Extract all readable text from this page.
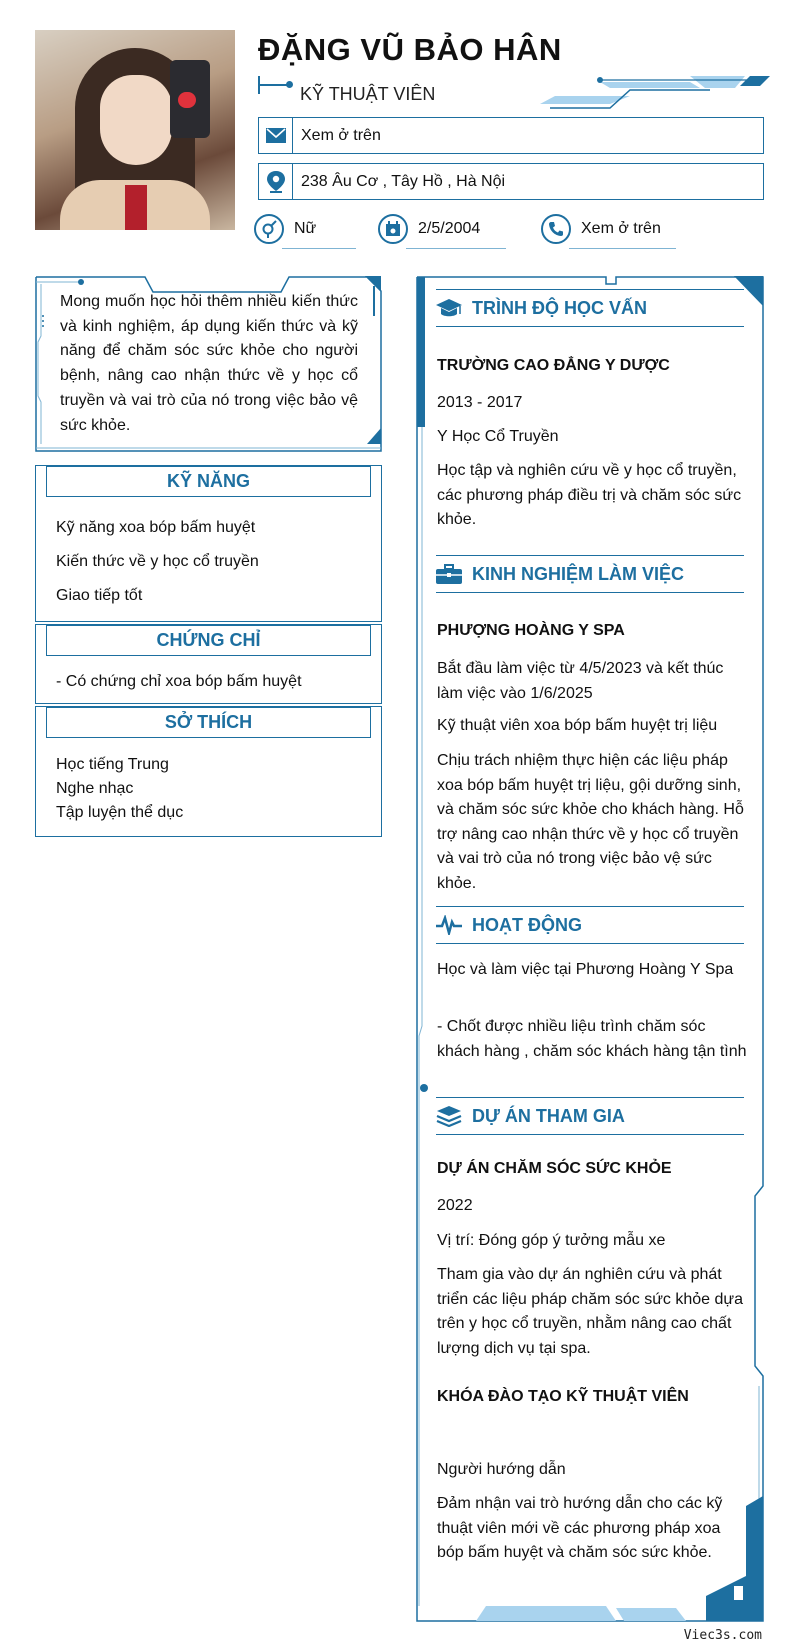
ĐẶNG VŨ BẢO HÂN
KỸ THUẬT VIÊN
Xem ở trên
238 Âu Cơ , Tây Hồ , Hà Nội
Nữ	2/5/2004	Xem ở trên
Mong muốn học hỏi thêm nhiều kiến thức và kinh nghiệm, áp dụng kiến thức và kỹ năng để chăm sóc sức khỏe cho người bệnh, nâng cao nhận thức về y học cổ truyền và vai trò của nó trong việc bảo vệ sức khỏe.
KỸ NĂNG
Kỹ năng xoa bóp bấm huyệt
Kiến thức về y học cổ truyền
Giao tiếp tốt
CHỨNG CHỈ
- Có chứng chỉ xoa bóp bấm huyệt
SỞ THÍCH
Học tiếng Trung
Nghe nhạc
Tập luyện thể dục
TRÌNH ĐỘ HỌC VẤN
TRƯỜNG CAO ĐẲNG Y DƯỢC
2013 - 2017
Y Học Cổ Truyền
Học tập và nghiên cứu về y học cổ truyền, các phương pháp điều trị và chăm sóc sức khỏe.
KINH NGHIỆM LÀM VIỆC
PHƯỢNG HOÀNG Y SPA
Bắt đầu làm việc từ 4/5/2023 và kết thúc làm việc vào 1/6/2025
Kỹ thuật viên xoa bóp bấm huyệt trị liệu
Chịu trách nhiệm thực hiện các liệu pháp xoa bóp bấm huyệt trị liệu, gội dưỡng sinh, và chăm sóc sức khỏe cho khách hàng. Hỗ trợ nâng cao nhận thức về y học cổ truyền và vai trò của nó trong việc bảo vệ sức khỏe.
HOẠT ĐỘNG
Học và làm việc tại Phương Hoàng Y Spa
- Chốt được nhiều liệu trình chăm sóc khách hàng , chăm sóc khách hàng tận tình
DỰ ÁN THAM GIA
DỰ ÁN CHĂM SÓC SỨC KHỎE
2022
Vị trí: Đóng góp ý tưởng mẫu xe
Tham gia vào dự án nghiên cứu và phát triển các liệu pháp chăm sóc sức khỏe dựa trên y học cổ truyền, nhằm nâng cao chất lượng dịch vụ tại spa.
KHÓA ĐÀO TẠO KỸ THUẬT VIÊN
Người hướng dẫn
Đảm nhận vai trò hướng dẫn cho các kỹ thuật viên mới về các phương pháp xoa bóp bấm huyệt và chăm sóc sức khỏe.
Viec3s.com
